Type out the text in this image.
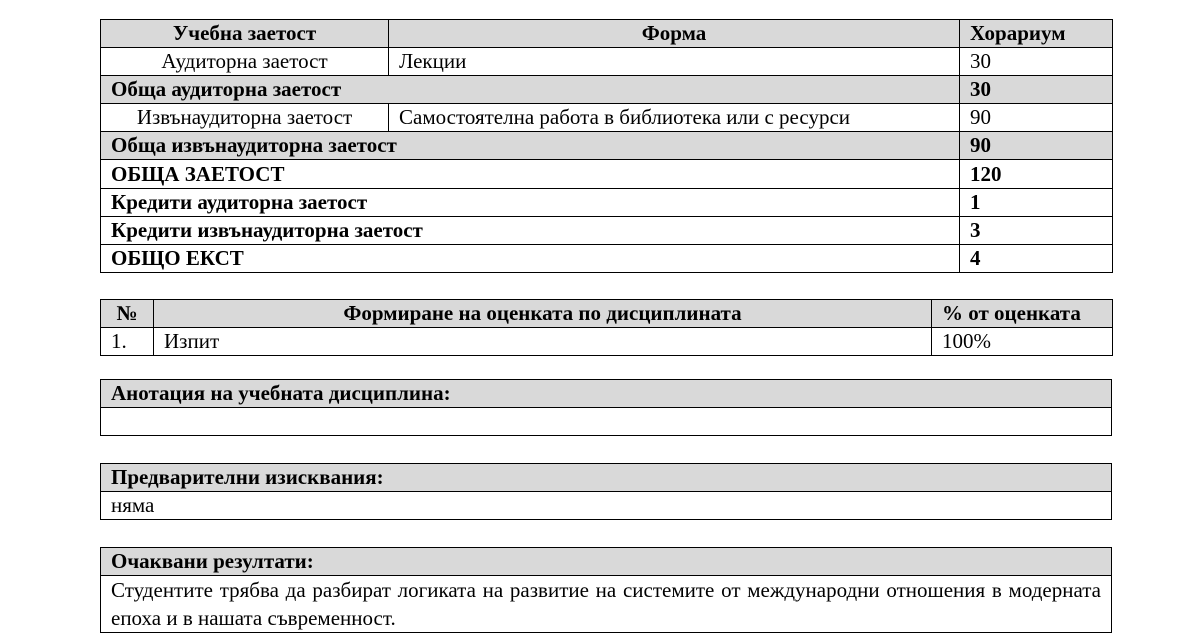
Учебна заетост	Форма	Хорариум
Аудиторна заетост	Лекции	30
Обща аудиторна заетост		30
Извънаудиторна заетост	Самостоятелна работа в библиотека или с ресурси	90
Обща извънаудиторна заетост		90
ОБЩА ЗАЕТОСТ		120
Кредити аудиторна заетост		1
Кредити извънаудиторна заетост		3
ОБЩО ЕКСТ		4
№	Формиране на оценката по дисциплината	% от оценката
1.	Изпит	100%
Анотация на учебната дисциплина:

Предварителни изисквания:
няма
Очаквани резултати:
Студентите трябва да разбират логиката на развитие на системите от международни отношения в модерната епоха и в нашата съвременност.
